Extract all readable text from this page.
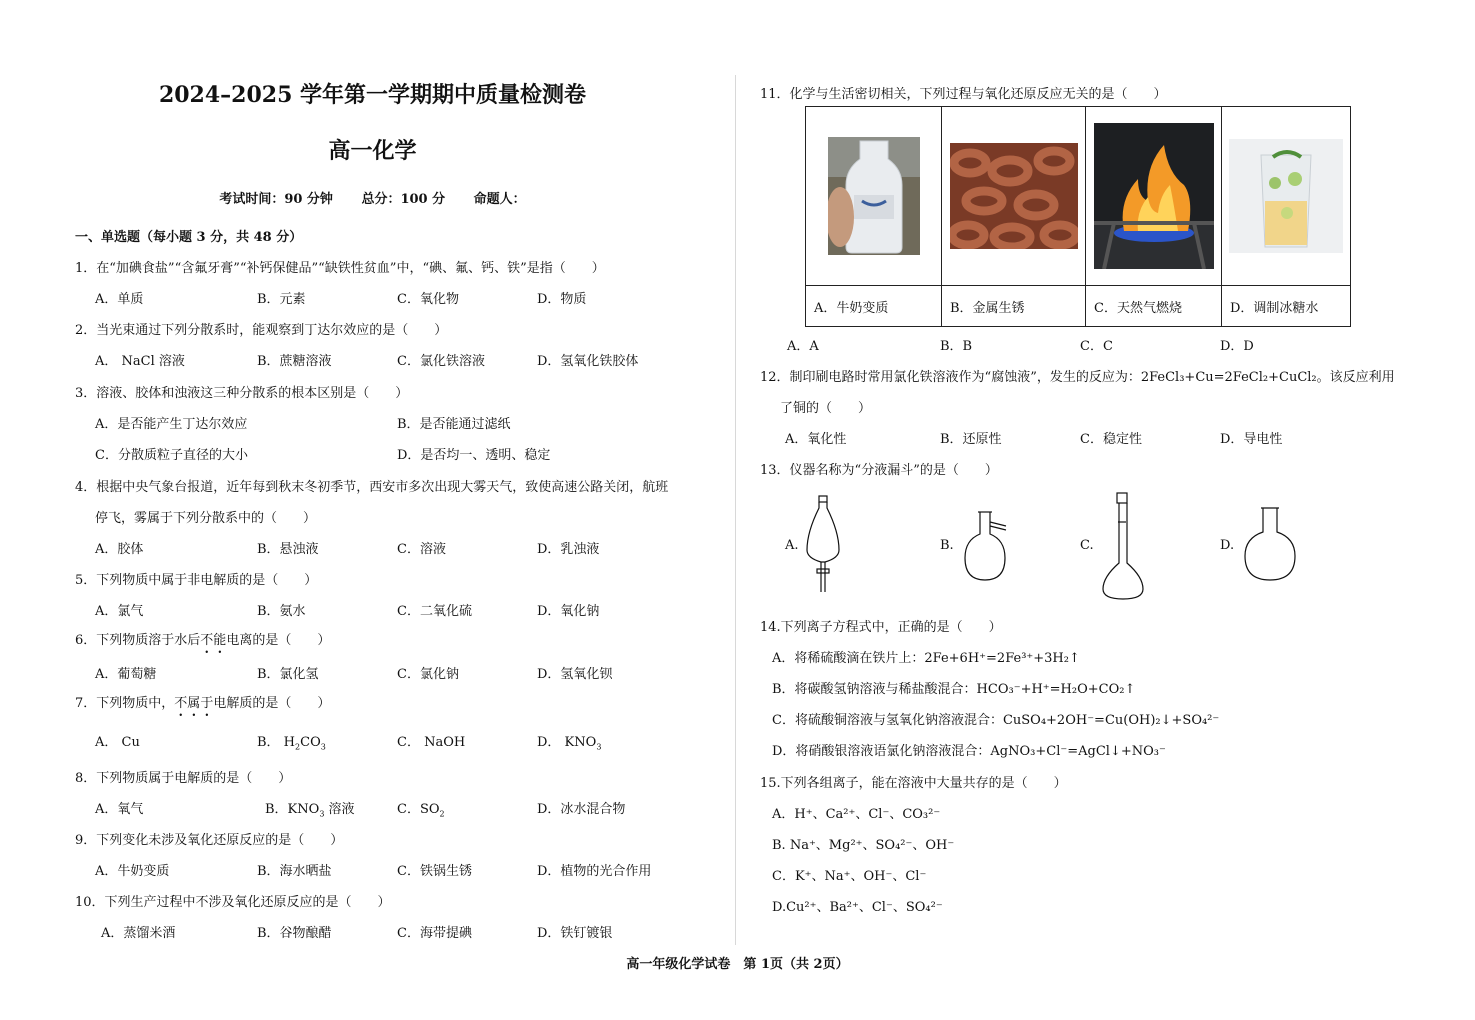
2024–2025 学年第一学期期中质量检测卷
高一化学
考试时间：90 分钟 总分：100 分 命题人：
一、单选题（每小题 3 分，共 48 分）
1．在“加碘食盐”“含氟牙膏”“补钙保健品”“缺铁性贫血”中，“碘、氟、钙、铁”是指（　　）
A．单质	B．元素	C．氧化物	D．物质
2．当光束通过下列分散系时，能观察到丁达尔效应的是（　　）
A． NaCl 溶液	B．蔗糖溶液	C．氯化铁溶液	D．氢氧化铁胶体
3．溶液、胶体和浊液这三种分散系的根本区别是（　　）
A．是否能产生丁达尔效应	B．是否能通过滤纸
C．分散质粒子直径的大小	D．是否均一、透明、稳定
4．根据中央气象台报道，近年每到秋末冬初季节，西安市多次出现大雾天气，致使高速公路关闭，航班
停飞，雾属于下列分散系中的（　　）
A．胶体	B．悬浊液	C．溶液	D．乳浊液
5．下列物质中属于非电解质的是（　　）
A．氯气	B．氨水	C．二氧化硫	D．氧化钠
6．下列物质溶于水后不能电离的是（　　）
A．葡萄糖	B．氯化氢	C．氯化钠	D．氢氧化钡
7．下列物质中，不属于电解质的是（　　）
A． Cu	B． $H_2CO_3$	C． NaOH	D． $KNO_3$
8．下列物质属于电解质的是（　　）
A．氧气	B．$KNO_3$ 溶液	C．$SO_2$	D．冰水混合物
9．下列变化未涉及氧化还原反应的是（　　）
A．牛奶变质	B．海水晒盐	C．铁锅生锈	D．植物的光合作用
10．下列生产过程中不涉及氧化还原反应的是（　　）
A．蒸馏米酒	B．谷物酿醋	C．海带提碘	D．铁钉镀银
11．化学与生活密切相关，下列过程与氧化还原反应无关的是（　　）

A．牛奶变质	B．金属生锈	C．天然气燃烧	D．调制冰糖水
A．A	B．B	C．C	D．D
12．制印刷电路时常用氯化铁溶液作为“腐蚀液”，发生的反应为：2FeCl₃+Cu=2FeCl₂+CuCl₂。该反应利用
了铜的（　　）
A．氧化性	B．还原性	C．稳定性	D．导电性
13．仪器名称为“分液漏斗”的是（　　）
A.	B.	C.	D.
14.下列离子方程式中，正确的是（　　）
A．将稀硫酸滴在铁片上：2Fe+6H⁺=2Fe³⁺+3H₂↑
B．将碳酸氢钠溶液与稀盐酸混合：HCO₃⁻+H⁺=H₂O+CO₂↑
C．将硫酸铜溶液与氢氧化钠溶液混合：CuSO₄+2OH⁻=Cu(OH)₂↓+SO₄²⁻
D．将硝酸银溶液语氯化钠溶液混合：AgNO₃+Cl⁻=AgCl↓+NO₃⁻
15.下列各组离子，能在溶液中大量共存的是（　　）
A．H⁺、Ca²⁺、Cl⁻、CO₃²⁻
B. Na⁺、Mg²⁺、SO₄²⁻、OH⁻
C．K⁺、Na⁺、OH⁻、Cl⁻
D.Cu²⁺、Ba²⁺、Cl⁻、SO₄²⁻
高一年级化学试卷　第 1页（共 2页）
